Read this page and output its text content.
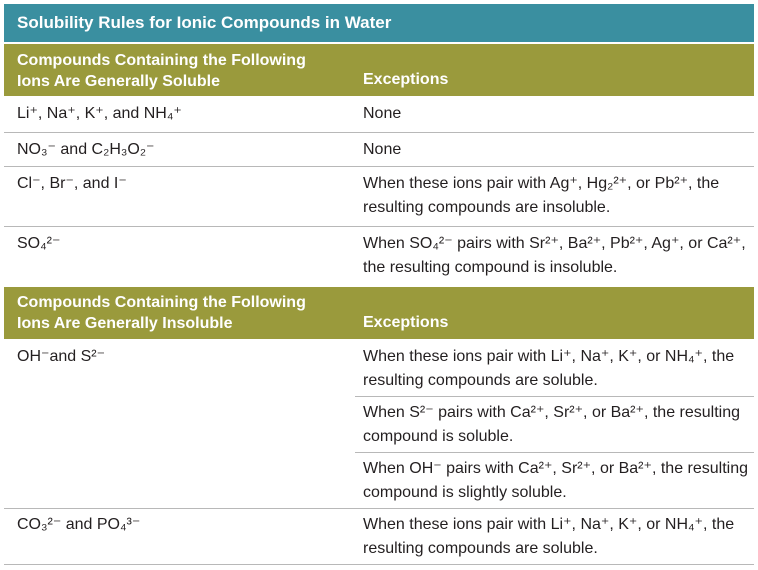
Solubility Rules for Ionic Compounds in Water
Compounds Containing the Following
Ions Are Generally Soluble	Exceptions
Li⁺, Na⁺, K⁺, and NH₄⁺	None
NO₃⁻ and C₂H₃O₂⁻	None
Cl⁻, Br⁻, and I⁻	When these ions pair with Ag⁺, Hg₂²⁺, or Pb²⁺, the resulting compounds are insoluble.
SO₄²⁻	When SO₄²⁻ pairs with Sr²⁺, Ba²⁺, Pb²⁺, Ag⁺, or Ca²⁺, the resulting compound is insoluble.
Compounds Containing the Following
Ions Are Generally Insoluble	Exceptions
OH⁻and S²⁻	When these ions pair with Li⁺, Na⁺, K⁺, or NH₄⁺, the resulting compounds are soluble.
When S²⁻ pairs with Ca²⁺, Sr²⁺, or Ba²⁺, the resulting compound is soluble.
When OH⁻ pairs with Ca²⁺, Sr²⁺, or Ba²⁺, the resulting compound is slightly soluble.
CO₃²⁻ and PO₄³⁻	When these ions pair with Li⁺, Na⁺, K⁺, or NH₄⁺, the resulting compounds are soluble.
